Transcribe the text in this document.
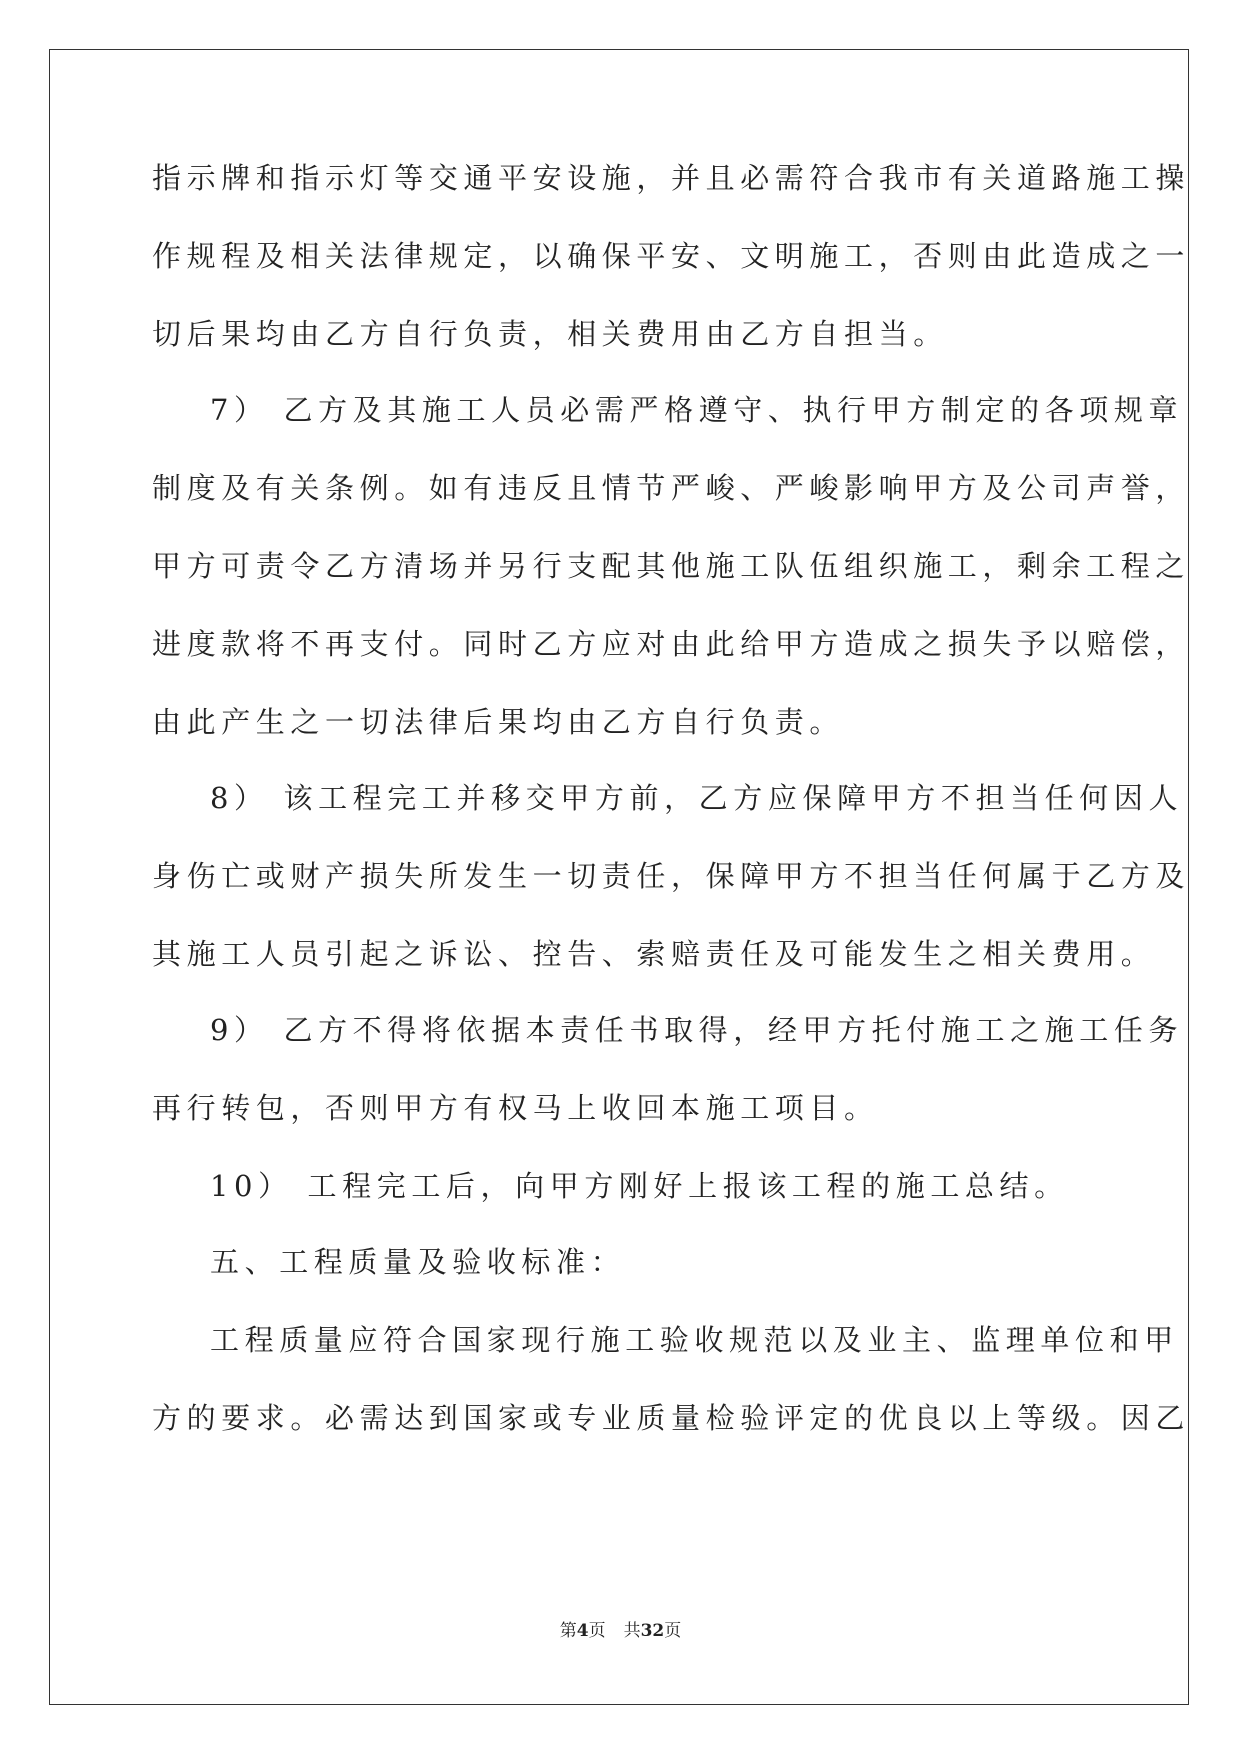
指示牌和指示灯等交通平安设施，并且必需符合我市有关道路施工操
作规程及相关法律规定，以确保平安、文明施工，否则由此造成之一
切后果均由乙方自行负责，相关费用由乙方自担当。
7） 乙方及其施工人员必需严格遵守、执行甲方制定的各项规章
制度及有关条例。如有违反且情节严峻、严峻影响甲方及公司声誉，
甲方可责令乙方清场并另行支配其他施工队伍组织施工，剩余工程之
进度款将不再支付。同时乙方应对由此给甲方造成之损失予以赔偿，
由此产生之一切法律后果均由乙方自行负责。
8） 该工程完工并移交甲方前，乙方应保障甲方不担当任何因人
身伤亡或财产损失所发生一切责任，保障甲方不担当任何属于乙方及
其施工人员引起之诉讼、控告、索赔责任及可能发生之相关费用。
9） 乙方不得将依据本责任书取得，经甲方托付施工之施工任务
再行转包，否则甲方有权马上收回本施工项目。
10） 工程完工后，向甲方刚好上报该工程的施工总结。
五、工程质量及验收标准：
工程质量应符合国家现行施工验收规范以及业主、监理单位和甲
方的要求。必需达到国家或专业质量检验评定的优良以上等级。因乙
第4页 共32页
